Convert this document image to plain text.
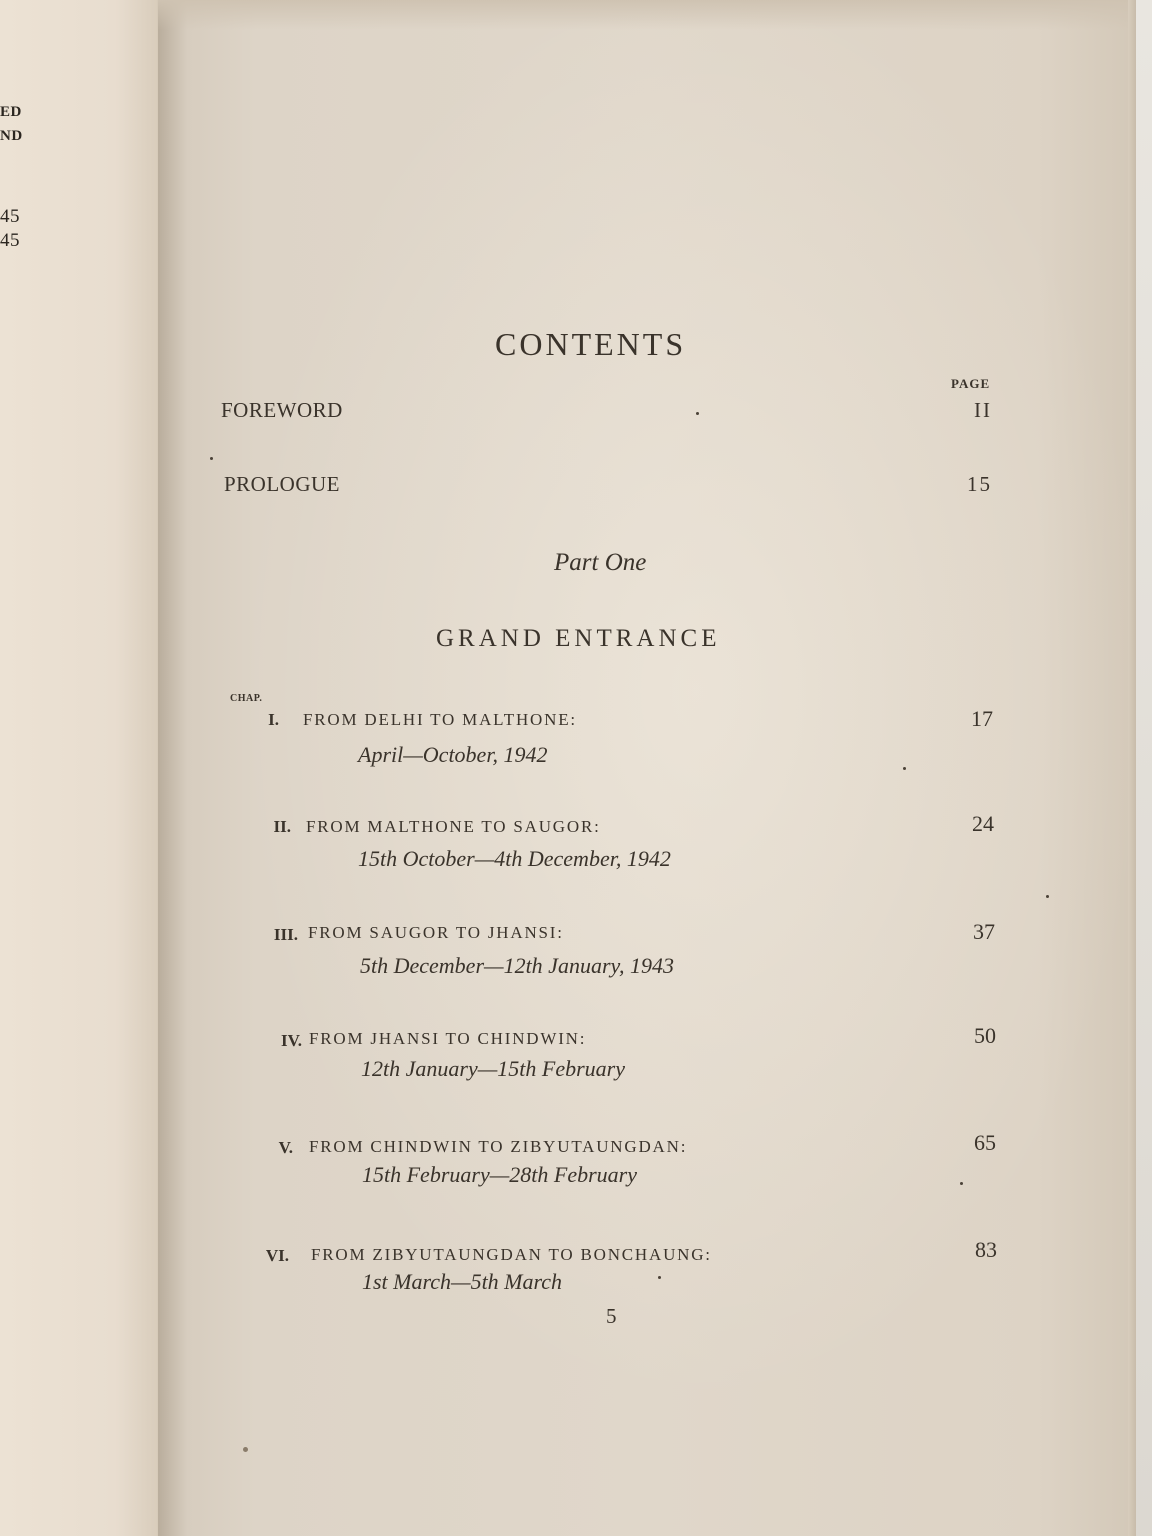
ED
ND
45
45
CONTENTS
PAGE
FOREWORD	II
PROLOGUE	15
Part One
GRAND ENTRANCE
CHAP.
I. FROM DELHI TO MALTHONE:
April—October, 1942
17
II. FROM MALTHONE TO SAUGOR:
15th October—4th December, 1942
24
III. FROM SAUGOR TO JHANSI:
5th December—12th January, 1943
37
IV. FROM JHANSI TO CHINDWIN:
12th January—15th February
50
V. FROM CHINDWIN TO ZIBYUTAUNGDAN:
15th February—28th February
65
VI. FROM ZIBYUTAUNGDAN TO BONCHAUNG:
1st March—5th March
83
5
